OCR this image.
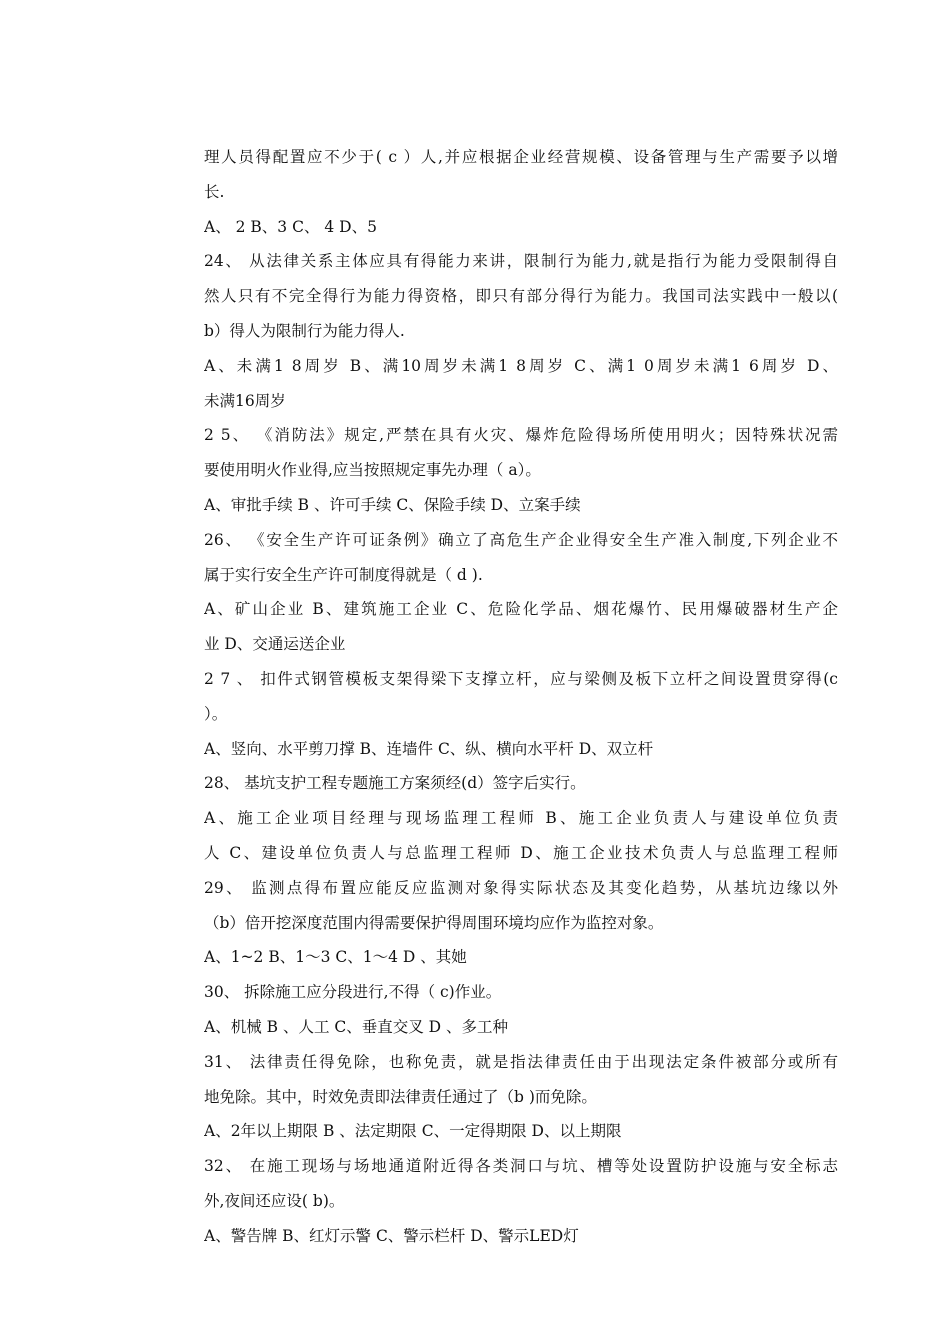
理人员得配置应不少于( c ）人,并应根据企业经营规模、设备管理与生产需要予以增
长.
A、 2 B、3 C、 4 D、5
24、 从法律关系主体应具有得能力来讲，限制行为能力,就是指行为能力受限制得自
然人只有不完全得行为能力得资格，即只有部分得行为能力。我国司法实践中一般以(
b）得人为限制行为能力得人.
A、未满1 8周岁 B、满10周岁未满1 8周岁 C、满1 0周岁未满1 6周岁 D、
未满16周岁
2 5、 《消防法》规定,严禁在具有火灾、爆炸危险得场所使用明火；因特殊状况需
要使用明火作业得,应当按照规定事先办理（ a）。
A、审批手续 B 、许可手续 C、保险手续 D、立案手续
26、 《安全生产许可证条例》确立了高危生产企业得安全生产准入制度,下列企业不
属于实行安全生产许可制度得就是（ d ).
A、矿山企业 B、建筑施工企业 C、危险化学品、烟花爆竹、民用爆破器材生产企
业 D、交通运送企业
2 7 、 扣件式钢管模板支架得梁下支撑立杆，应与梁侧及板下立杆之间设置贯穿得(c
）。
A、竖向、水平剪刀撑 B、连墙件 C、纵、横向水平杆 D、双立杆
28、 基坑支护工程专题施工方案须经(d）签字后实行。
A、施工企业项目经理与现场监理工程师 B、施工企业负责人与建设单位负责
人 C、建设单位负责人与总监理工程师 D、施工企业技术负责人与总监理工程师
29、 监测点得布置应能反应监测对象得实际状态及其变化趋势，从基坑边缘以外
（b）倍开挖深度范围内得需要保护得周围环境均应作为监控对象。
A、1~2 B、1～3 C、1～4 D 、其她
30、 拆除施工应分段进行,不得（ c)作业。
A、机械 B 、人工 C、垂直交叉 D 、多工种
31、 法律责任得免除，也称免责，就是指法律责任由于出现法定条件被部分或所有
地免除。其中，时效免责即法律责任通过了（b )而免除。
A、2年以上期限 B 、法定期限 C、一定得期限 D、以上期限
32、 在施工现场与场地通道附近得各类洞口与坑、槽等处设置防护设施与安全标志
外,夜间还应设( b)。
A、警告牌 B、红灯示警 C、警示栏杆 D、警示LED灯
